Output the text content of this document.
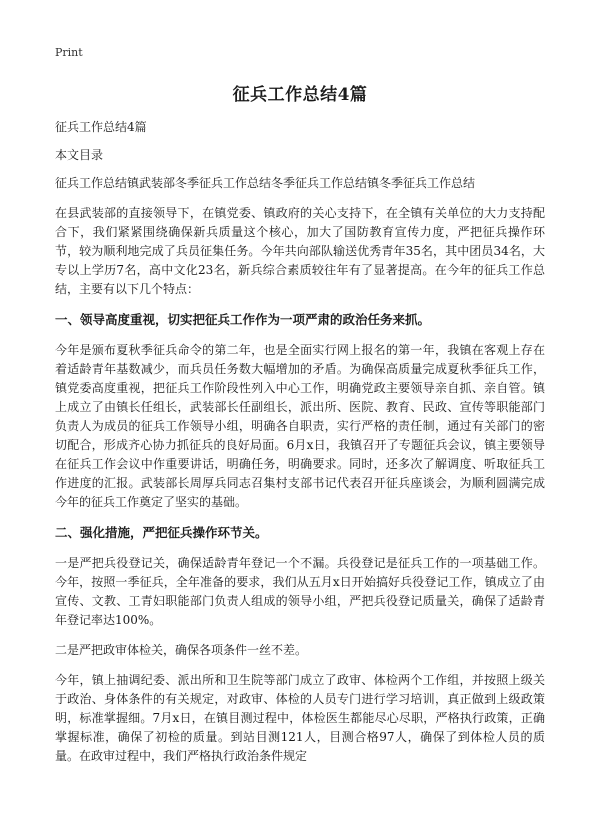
Print
征兵工作总结4篇

征兵工作总结4篇

本文目录

征兵工作总结镇武装部冬季征兵工作总结冬季征兵工作总结镇冬季征兵工作总结

在县武装部的直接领导下，在镇党委、镇政府的关心支持下，在全镇有关单位的大力支持配合下，我们紧紧围绕确保新兵质量这个核心，加大了国防教育宣传力度，严把征兵操作环节，较为顺利地完成了兵员征集任务。今年共向部队输送优秀青年35名，其中团员34名，大专以上学历7名，高中文化23名，新兵综合素质较往年有了显著提高。在今年的征兵工作总结，主要有以下几个特点：

一、领导高度重视，切实把征兵工作作为一项严肃的政治任务来抓。

今年是颁布夏秋季征兵命令的第二年，也是全面实行网上报名的第一年，我镇在客观上存在着适龄青年基数减少，而兵员任务数大幅增加的矛盾。为确保高质量完成夏秋季征兵工作，镇党委高度重视，把征兵工作阶段性列入中心工作，明确党政主要领导亲自抓、亲自管。镇上成立了由镇长任组长，武装部长任副组长，派出所、医院、教育、民政、宣传等职能部门负责人为成员的征兵工作领导小组，明确各自职责，实行严格的责任制，通过有关部门的密切配合，形成齐心协力抓征兵的良好局面。6月x日，我镇召开了专题征兵会议，镇主要领导在征兵工作会议中作重要讲话，明确任务，明确要求。同时，还多次了解调度、听取征兵工作进度的汇报。武装部长周厚兵同志召集村支部书记代表召开征兵座谈会，为顺利圆满完成今年的征兵工作奠定了坚实的基础。

二、强化措施，严把征兵操作环节关。

一是严把兵役登记关，确保适龄青年登记一个不漏。兵役登记是征兵工作的一项基础工作。今年，按照一季征兵，全年准备的要求，我们从五月x日开始搞好兵役登记工作，镇成立了由宣传、文教、工青妇职能部门负责人组成的领导小组，严把兵役登记质量关，确保了适龄青年登记率达100%。

二是严把政审体检关，确保各项条件一丝不差。

今年，镇上抽调纪委、派出所和卫生院等部门成立了政审、体检两个工作组，并按照上级关于政治、身体条件的有关规定，对政审、体检的人员专门进行学习培训，真正做到上级政策明，标准掌握细。7月x日，在镇目测过程中，体检医生都能尽心尽职，严格执行政策，正确掌握标准，确保了初检的质量。到站目测121人，目测合格97人，确保了到体检人员的质量。在政审过程中，我们严格执行政治条件规定
